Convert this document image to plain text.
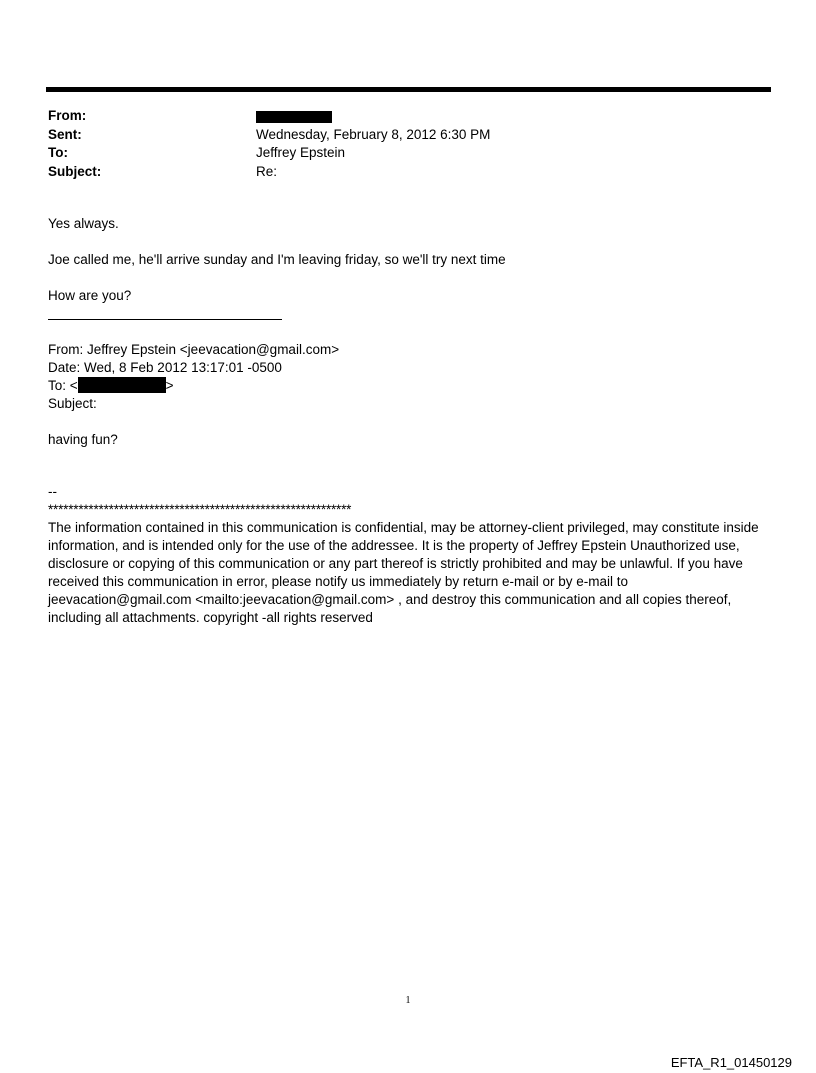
From:
Sent:	Wednesday, February 8, 2012 6:30 PM
To:	Jeffrey Epstein
Subject:	Re:
Yes always.
Joe called me, he'll arrive sunday and I'm leaving friday, so we'll try next time
How are you?
From: Jeffrey Epstein <jeevacation@gmail.com>
Date: Wed, 8 Feb 2012 13:17:01 -0500
To: <	>
Subject:
having fun?
--
************************************************************
The information contained in this communication is confidential, may be attorney-client privileged, may constitute inside information, and is intended only for the use of the addressee. It is the property of Jeffrey Epstein Unauthorized use, disclosure or copying of this communication or any part thereof is strictly prohibited and may be unlawful. If you have received this communication in error, please notify us immediately by return e-mail or by e-mail to jeevacation@gmail.com <mailto:jeevacation@gmail.com> , and destroy this communication and all copies thereof, including all attachments. copyright -all rights reserved
1
EFTA_R1_01450129
